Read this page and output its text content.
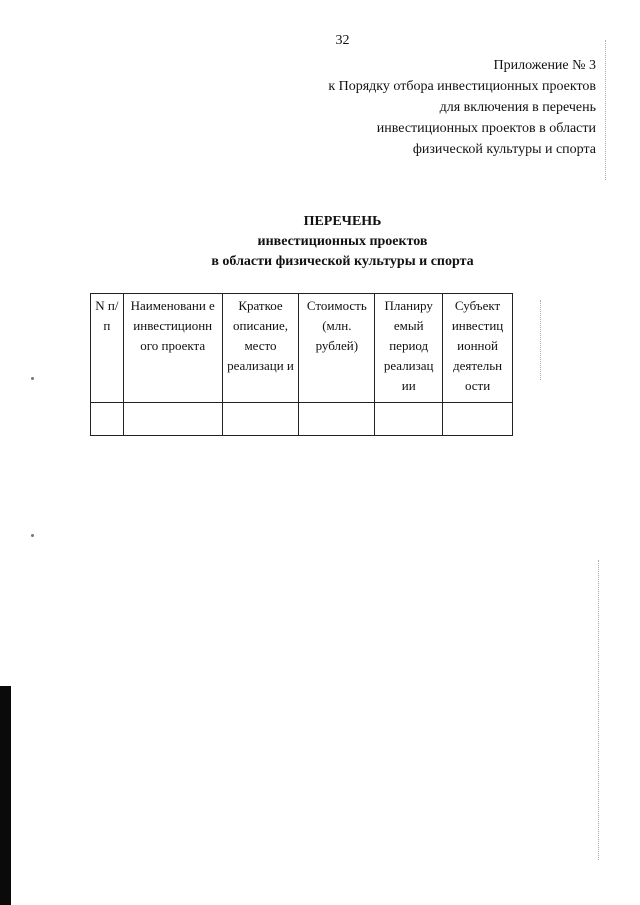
32
Приложение № 3
к Порядку отбора инвестиционных проектов
для включения в перечень
инвестиционных проектов в области
физической культуры и спорта
ПЕРЕЧЕНЬ
инвестиционных проектов
в области физической культуры и спорта
N п/п	Наименовани е инвестиционн ого проекта	Краткое описание, место реализаци и	Стоимость (млн. рублей)	Планиру емый период реализац ии	Субъект инвестиц ионной деятельн ости
